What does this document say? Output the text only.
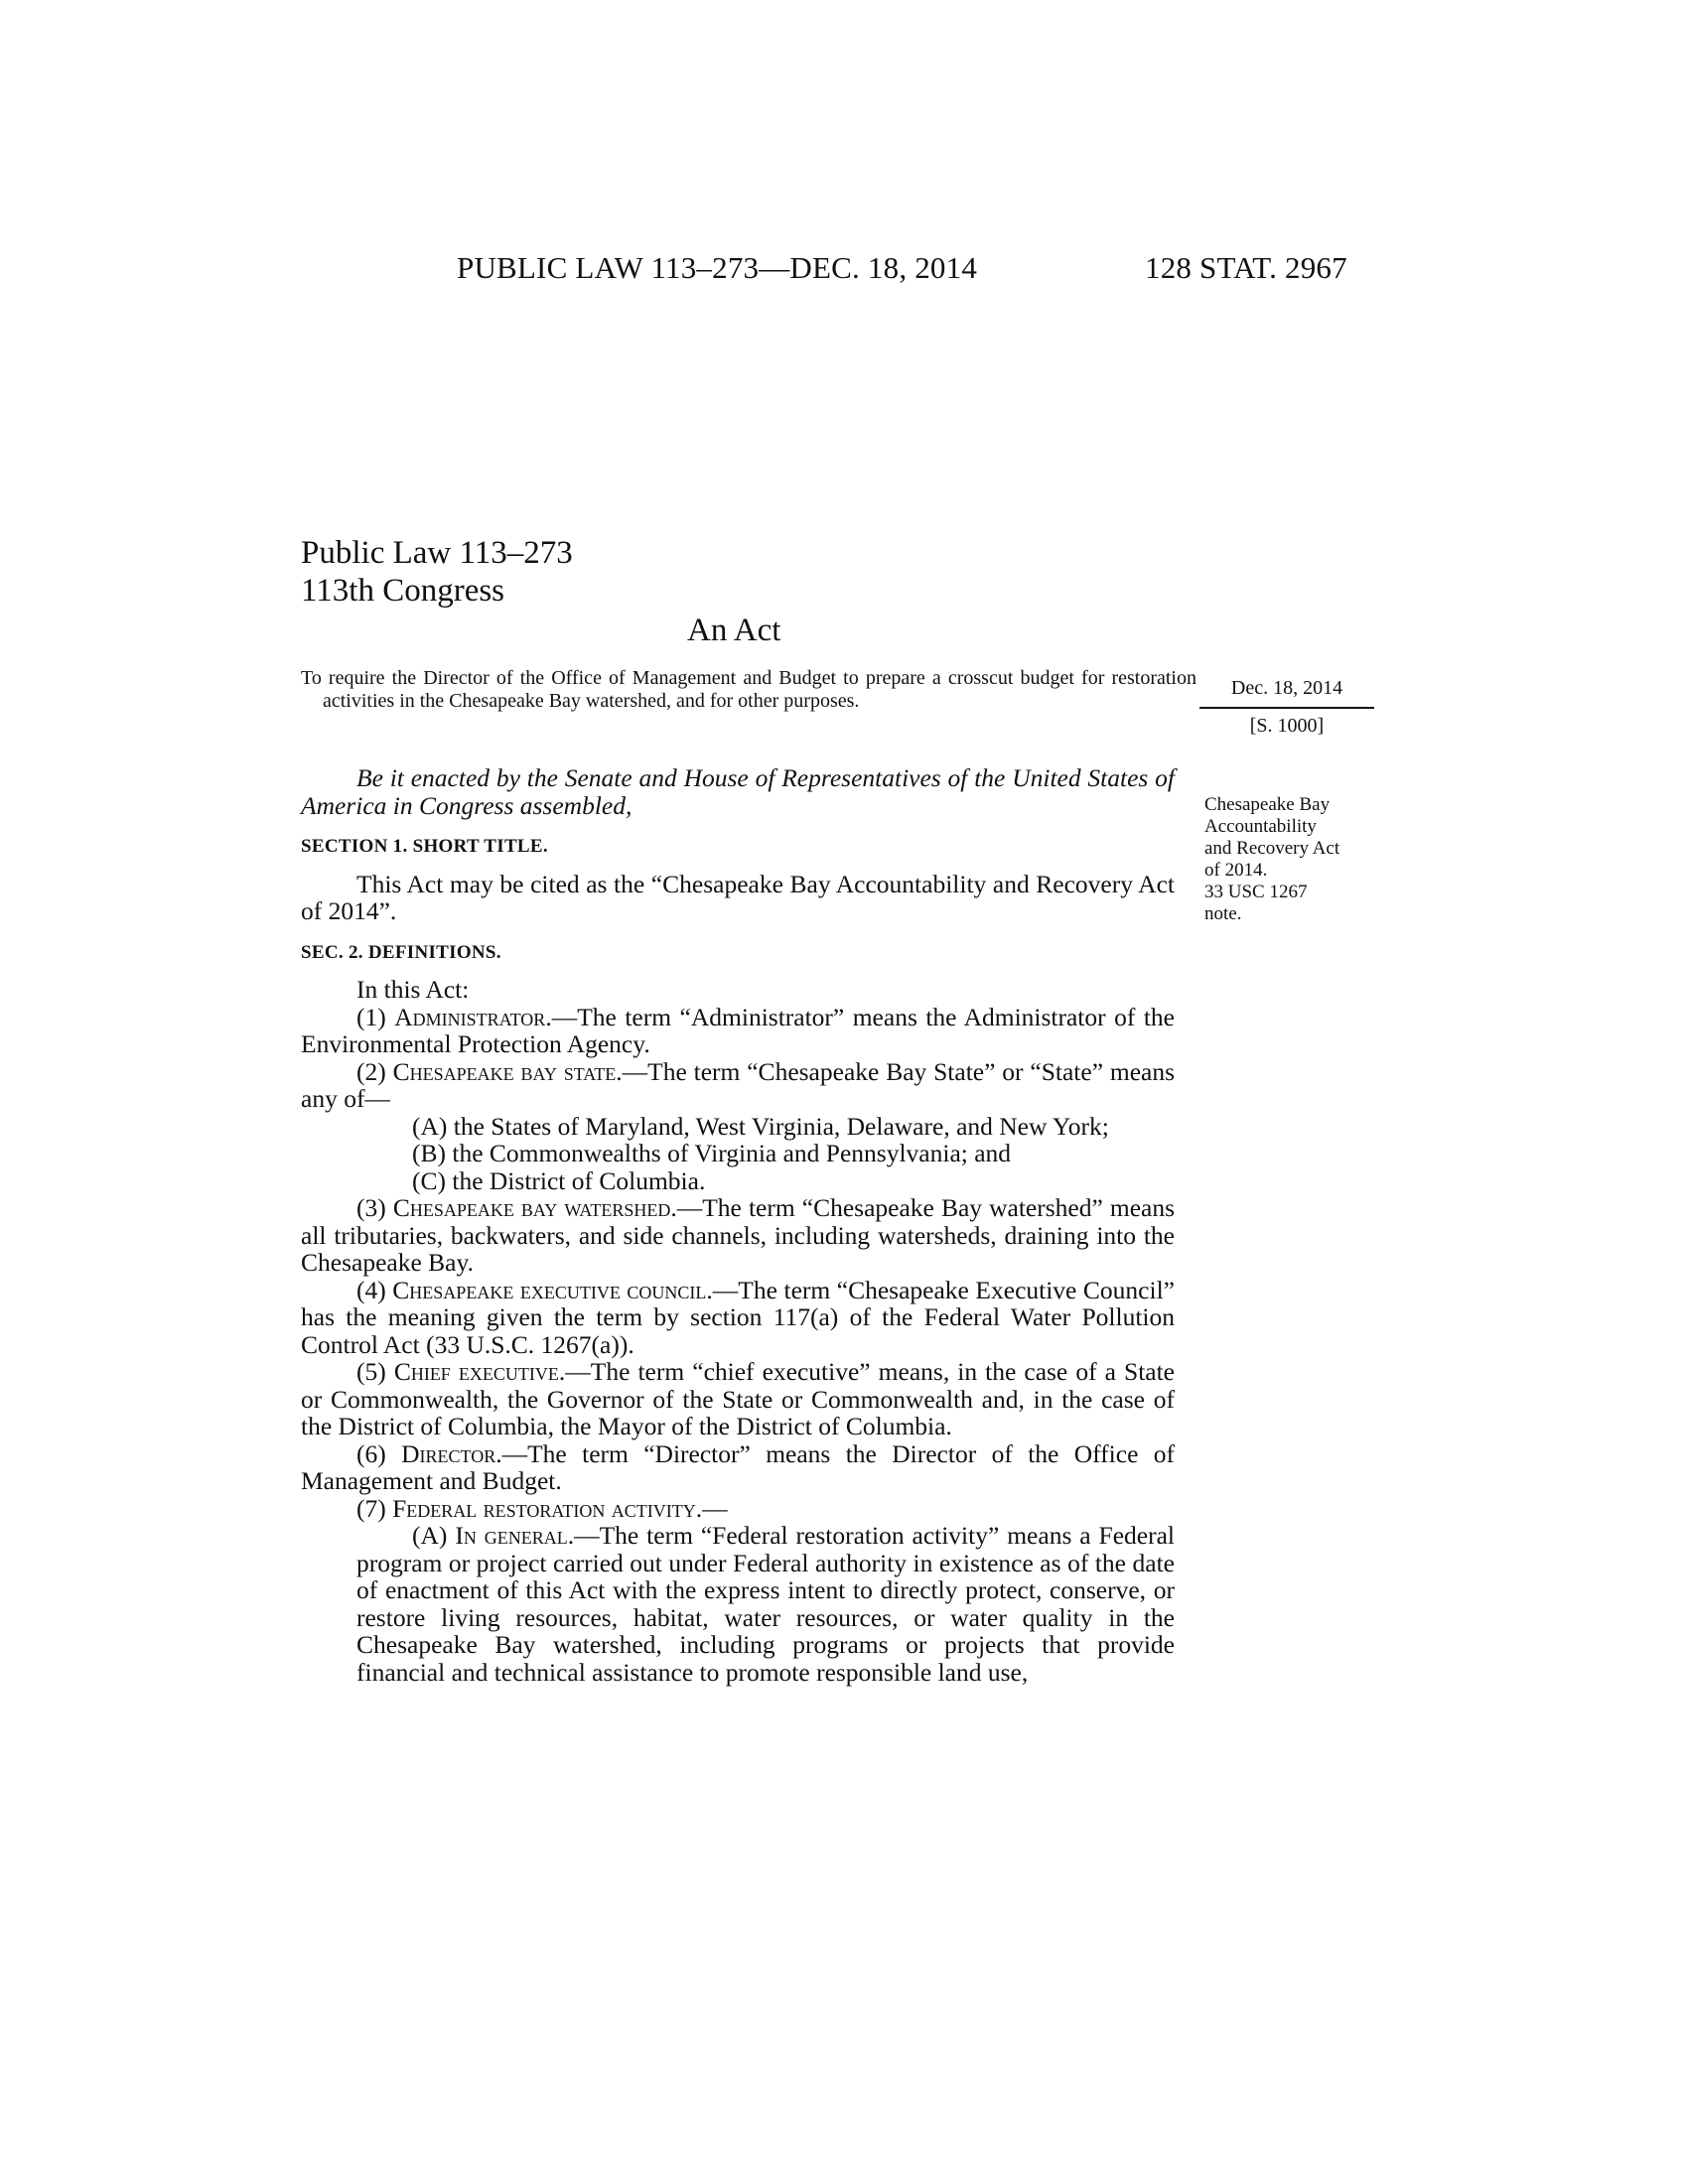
PUBLIC LAW 113–273—DEC. 18, 2014	128 STAT. 2967
Public Law 113–273
113th Congress
An Act
To require the Director of the Office of Management and Budget to prepare a crosscut budget for restoration activities in the Chesapeake Bay watershed, and for other purposes.
Dec. 18, 2014
[S. 1000]
Chesapeake Bay
Accountability
and Recovery Act
of 2014.
33 USC 1267
note.

Be it enacted by the Senate and House of Representatives of the United States of America in Congress assembled,

SECTION 1. SHORT TITLE.

This Act may be cited as the “Chesapeake Bay Accountability and Recovery Act of 2014”.

SEC. 2. DEFINITIONS.

In this Act:

(1) Administrator.—The term “Administrator” means the Administrator of the Environmental Protection Agency.

(2) Chesapeake bay state.—The term “Chesapeake Bay State” or “State” means any of—

(A) the States of Maryland, West Virginia, Delaware, and New York;

(B) the Commonwealths of Virginia and Pennsylvania; and

(C) the District of Columbia.

(3) Chesapeake bay watershed.—The term “Chesapeake Bay watershed” means all tributaries, backwaters, and side channels, including watersheds, draining into the Chesapeake Bay.

(4) Chesapeake executive council.—The term “Chesapeake Executive Council” has the meaning given the term by section 117(a) of the Federal Water Pollution Control Act (33 U.S.C. 1267(a)).

(5) Chief executive.—The term “chief executive” means, in the case of a State or Commonwealth, the Governor of the State or Commonwealth and, in the case of the District of Columbia, the Mayor of the District of Columbia.

(6) Director.—The term “Director” means the Director of the Office of Management and Budget.

(7) Federal restoration activity.—

(A) In general.—The term “Federal restoration activity” means a Federal program or project carried out under Federal authority in existence as of the date of enactment of this Act with the express intent to directly protect, conserve, or restore living resources, habitat, water resources, or water quality in the Chesapeake Bay watershed, including programs or projects that provide financial and technical assistance to promote responsible land use,
